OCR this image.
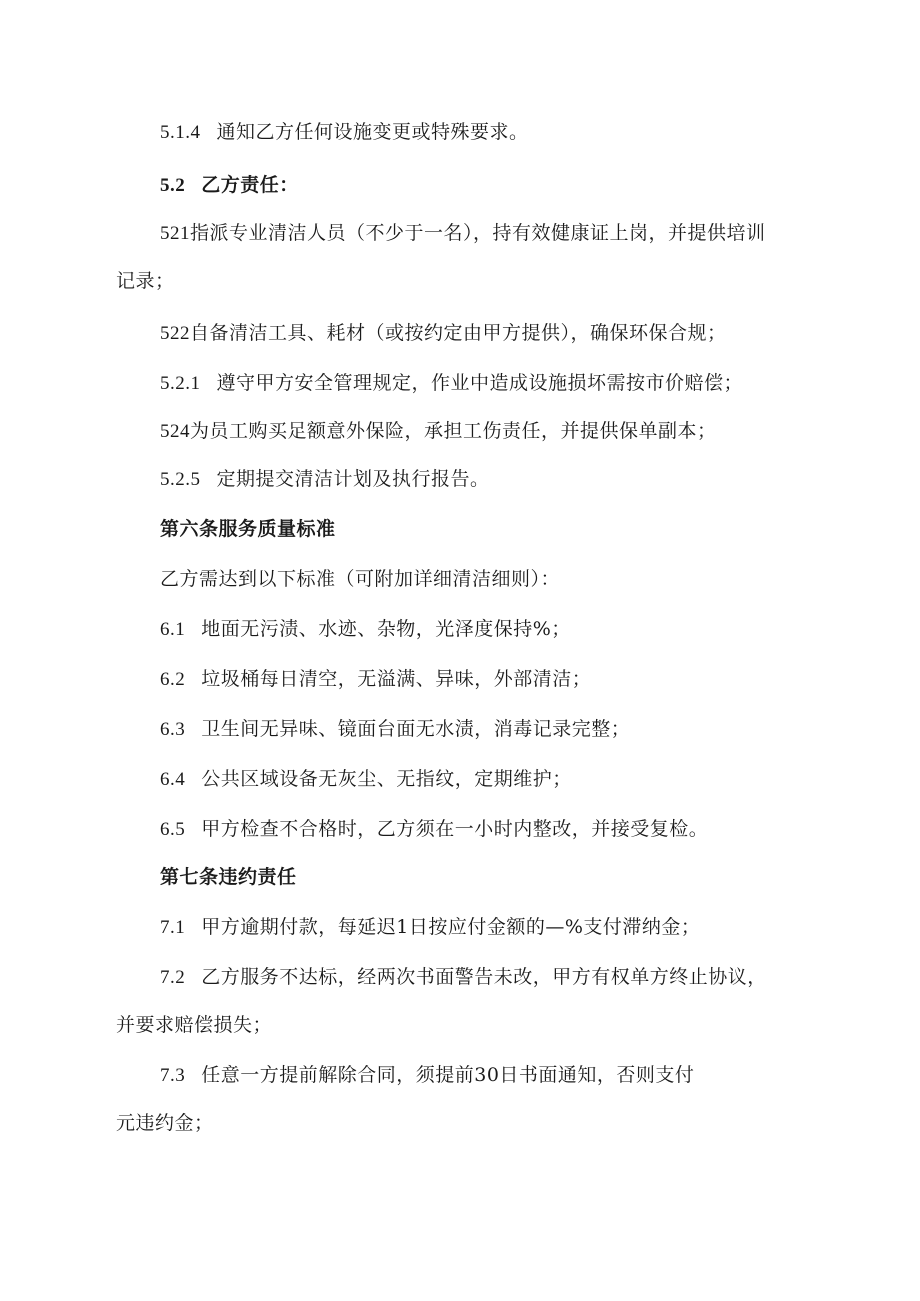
5.1.4 通知乙方任何设施变更或特殊要求。
5.2 乙方责任：
521指派专业清洁人员（不少于一名），持有效健康证上岗，并提供培训
记录；
522自备清洁工具、耗材（或按约定由甲方提供），确保环保合规；
5.2.1 遵守甲方安全管理规定，作业中造成设施损坏需按市价赔偿；
524为员工购买足额意外保险，承担工伤责任，并提供保单副本；
5.2.5 定期提交清洁计划及执行报告。
第六条服务质量标准
乙方需达到以下标准（可附加详细清洁细则）：
6.1 地面无污渍、水迹、杂物，光泽度保持%；
6.2 垃圾桶每日清空，无溢满、异味，外部清洁；
6.3 卫生间无异味、镜面台面无水渍，消毒记录完整；
6.4 公共区域设备无灰尘、无指纹，定期维护；
6.5 甲方检查不合格时，乙方须在一小时内整改，并接受复检。
第七条违约责任
7.1 甲方逾期付款，每延迟1日按应付金额的—%支付滞纳金；
7.2 乙方服务不达标，经两次书面警告未改，甲方有权单方终止协议，
并要求赔偿损失；
7.3 任意一方提前解除合同，须提前30日书面通知，否则支付
元违约金；
